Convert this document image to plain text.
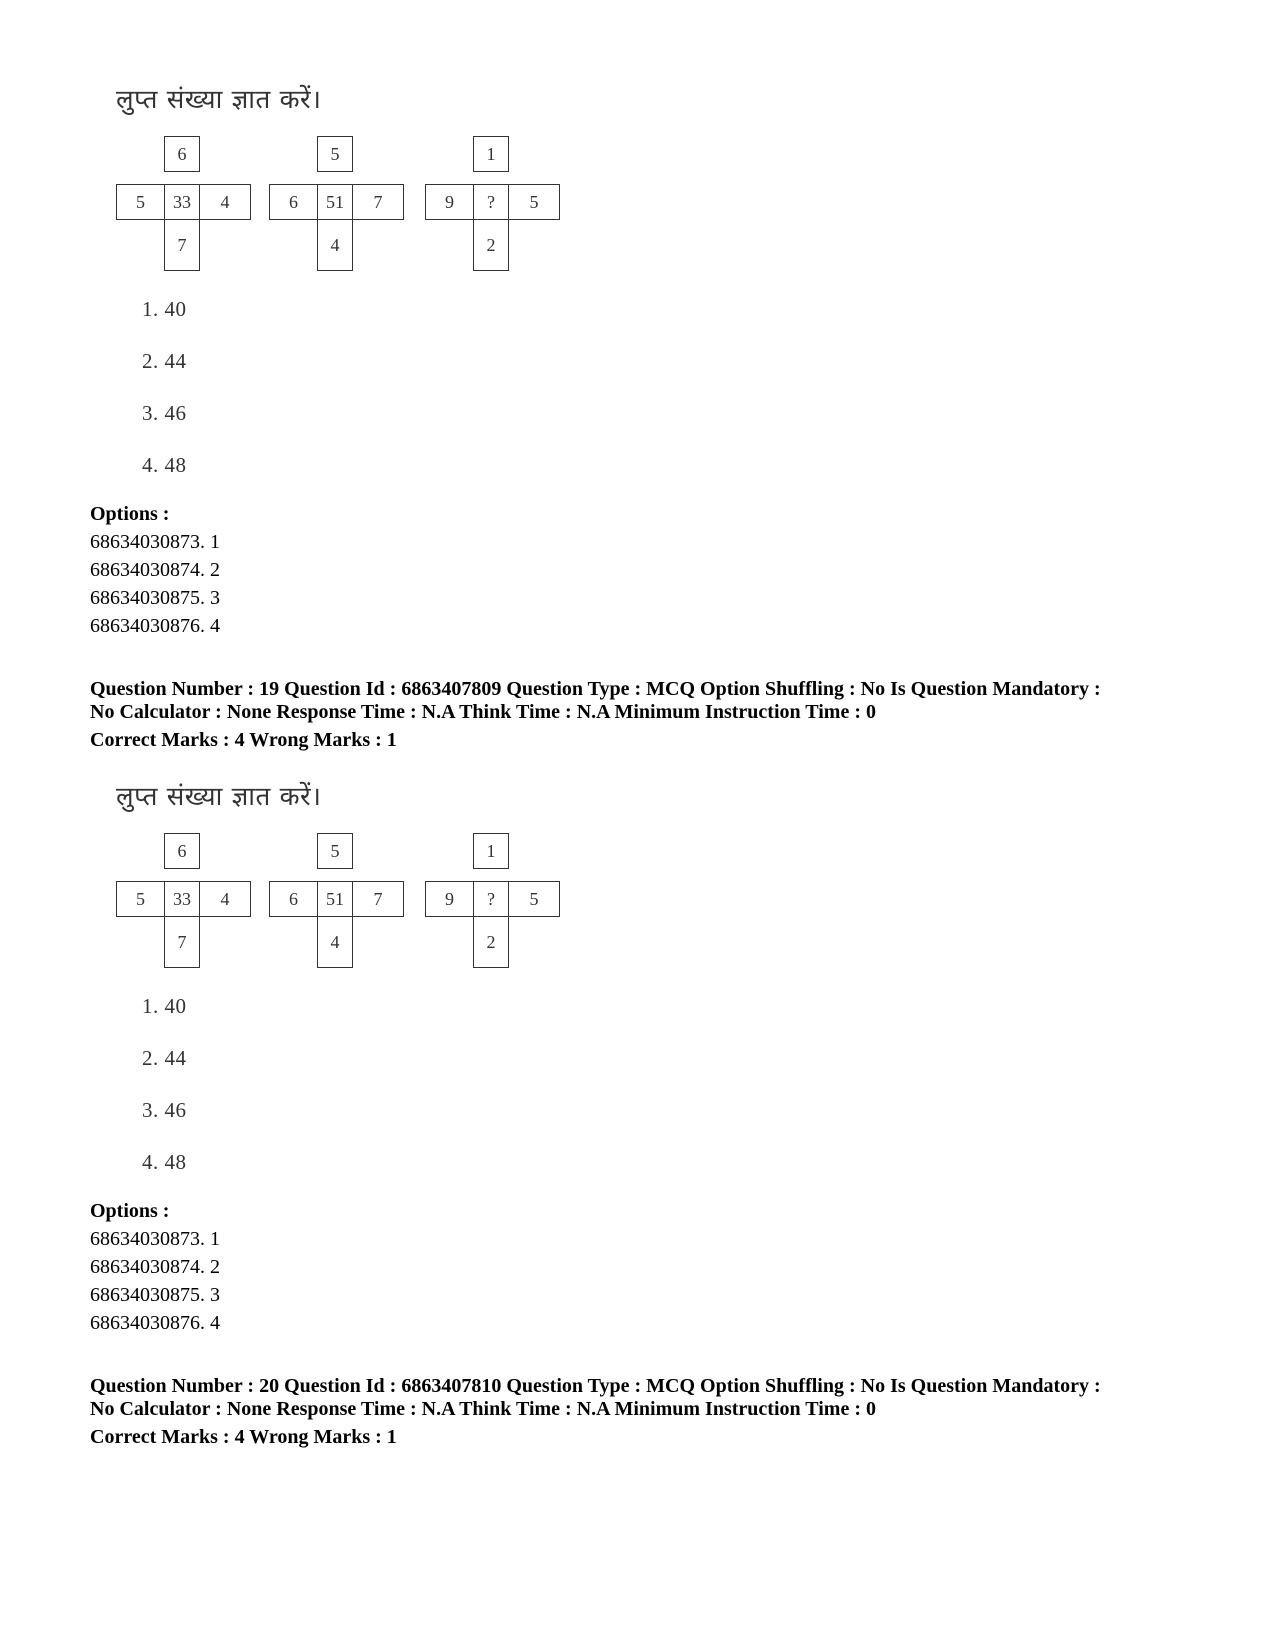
लुप्त संख्या ज्ञात करें।
6
5	33	4
7
5
6	51	7
4
1
9	?	5
2
1. 40
2. 44
3. 46
4. 48
Options :
68634030873. 1
68634030874. 2
68634030875. 3
68634030876. 4
Question Number : 19 Question Id : 6863407809 Question Type : MCQ Option Shuffling : No Is Question Mandatory :
No Calculator : None Response Time : N.A Think Time : N.A Minimum Instruction Time : 0
Correct Marks : 4 Wrong Marks : 1
लुप्त संख्या ज्ञात करें।
6
5	33	4
7
5
6	51	7
4
1
9	?	5
2
1. 40
2. 44
3. 46
4. 48
Options :
68634030873. 1
68634030874. 2
68634030875. 3
68634030876. 4
Question Number : 20 Question Id : 6863407810 Question Type : MCQ Option Shuffling : No Is Question Mandatory :
No Calculator : None Response Time : N.A Think Time : N.A Minimum Instruction Time : 0
Correct Marks : 4 Wrong Marks : 1
